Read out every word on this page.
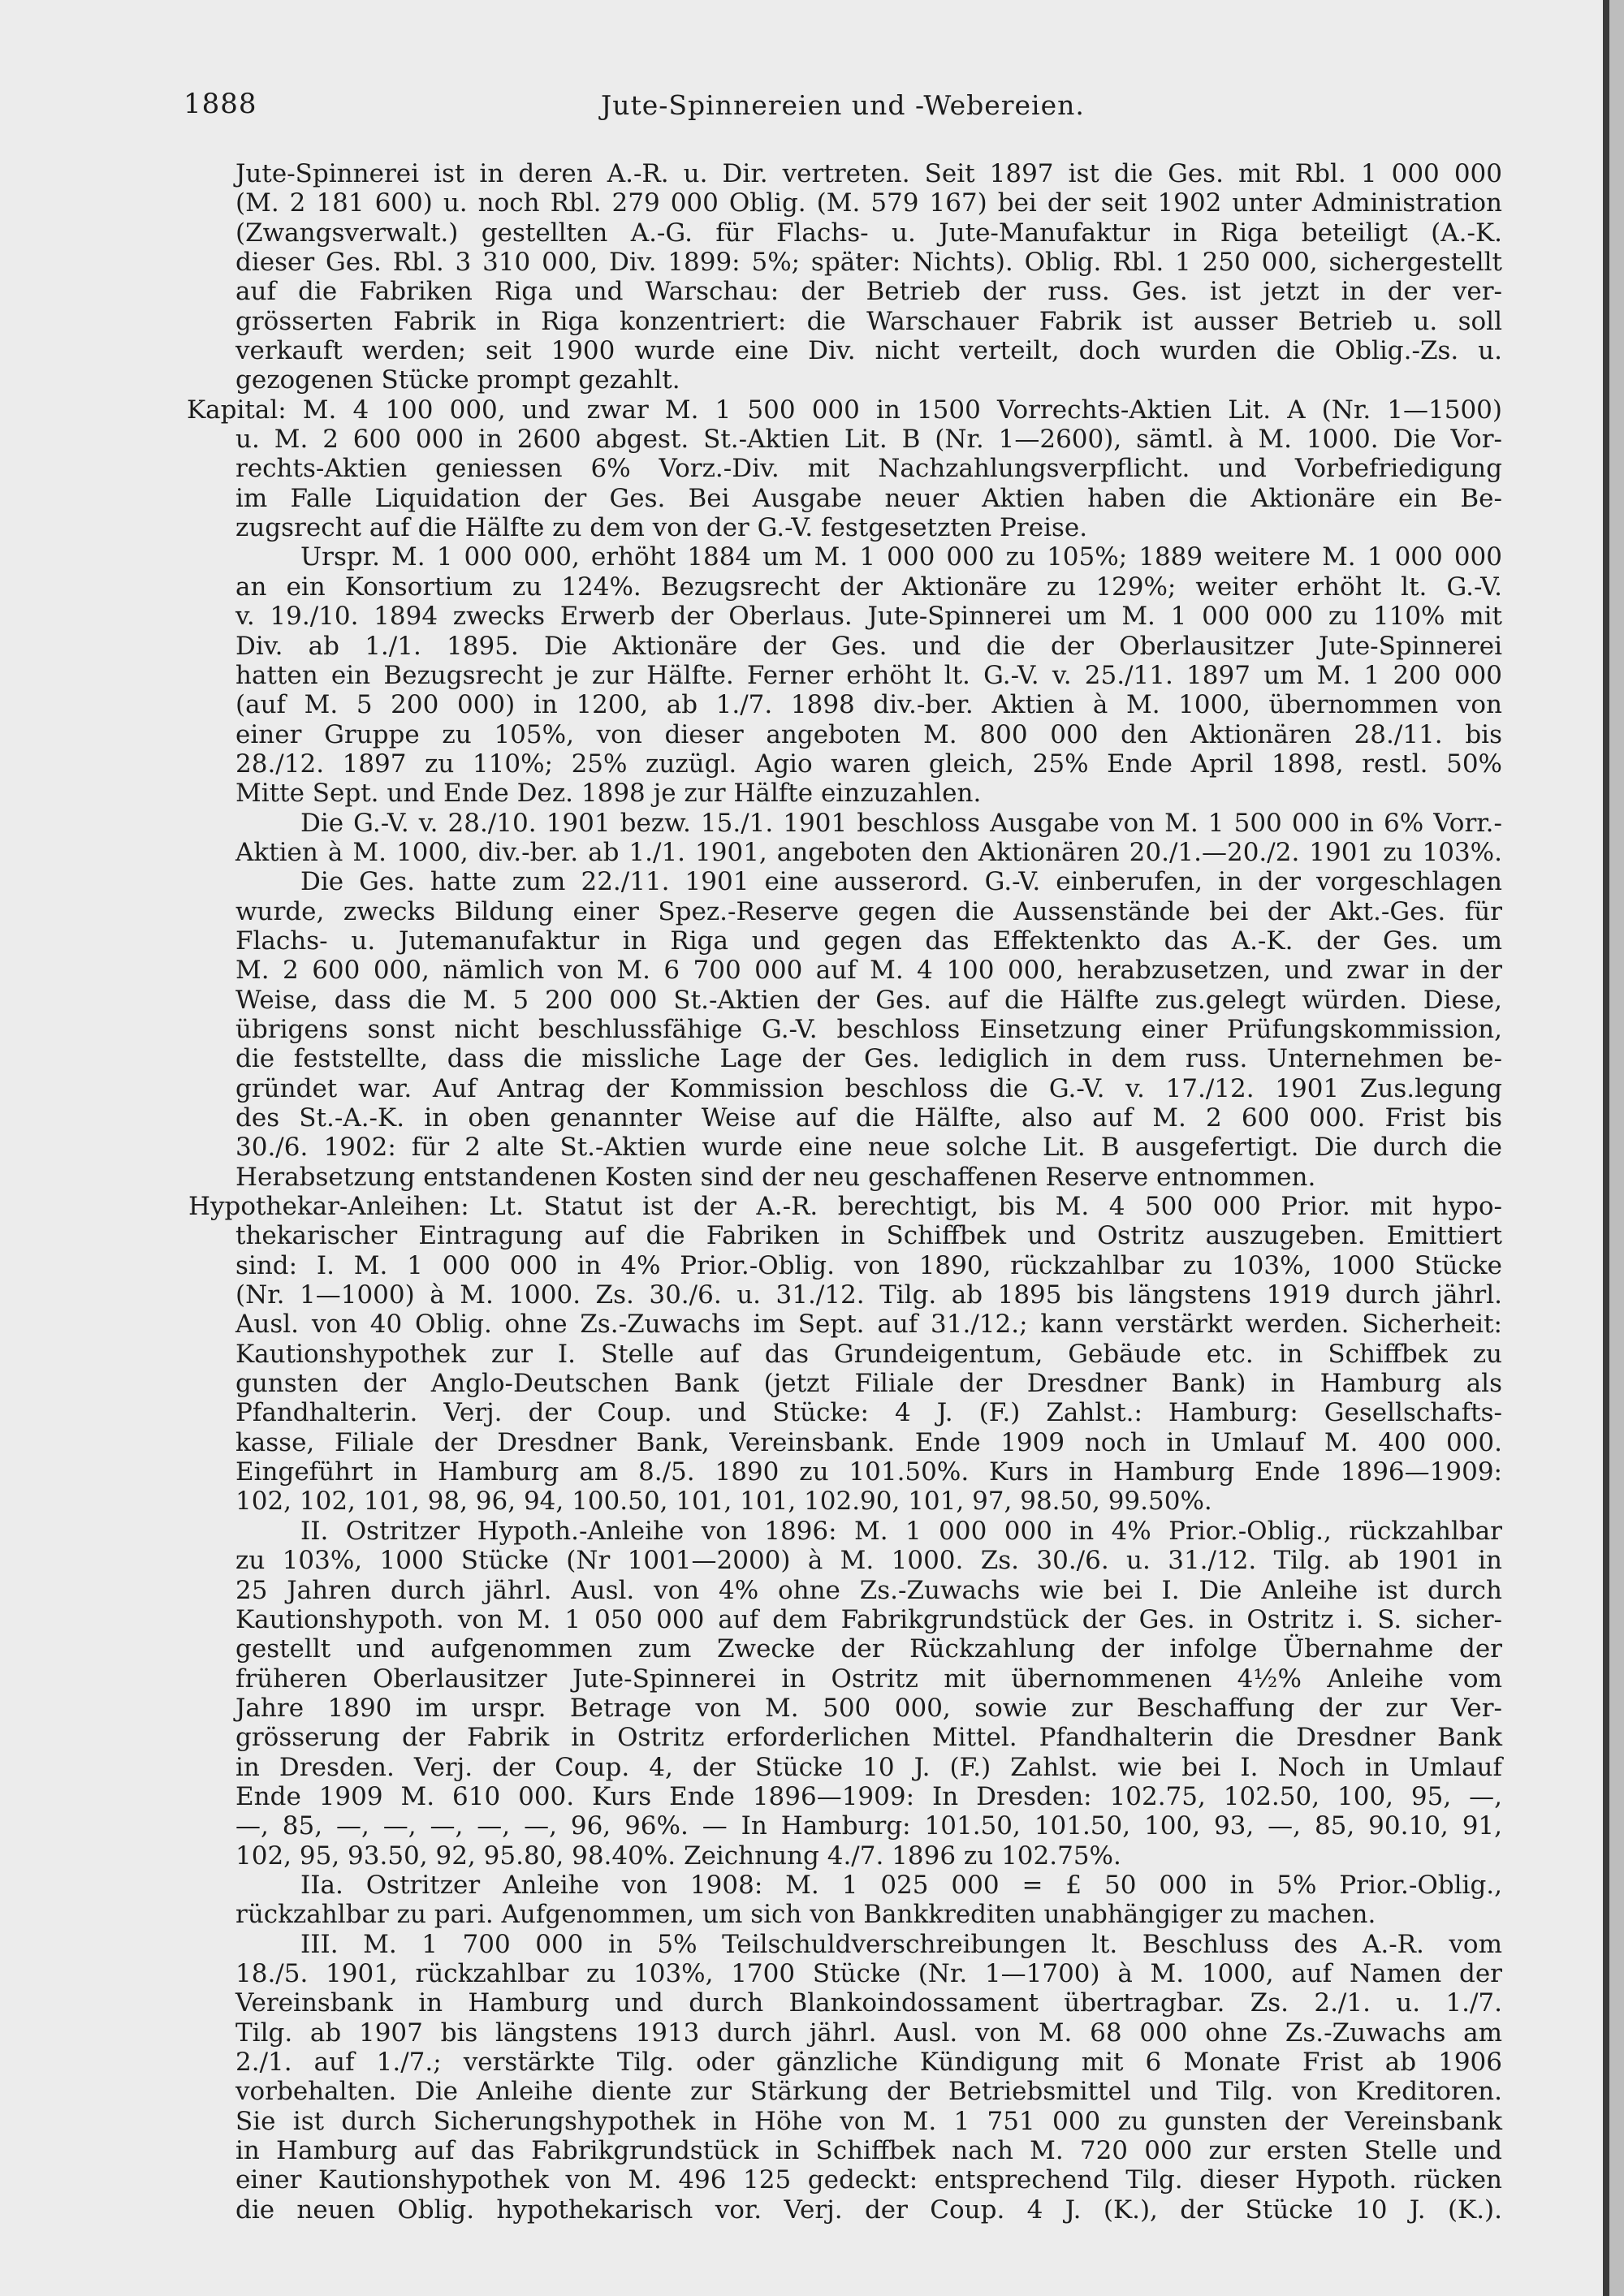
1888	Jute-Spinnereien und -Webereien.
Jute-Spinnerei ist in deren A.-R. u. Dir. vertreten. Seit 1897 ist die Ges. mit Rbl. 1 000 000
(M. 2 181 600) u. noch Rbl. 279 000 Oblig. (M. 579 167) bei der seit 1902 unter Administration
(Zwangsverwalt.) gestellten A.-G. für Flachs- u. Jute-Manufaktur in Riga beteiligt (A.-K.
dieser Ges. Rbl. 3 310 000, Div. 1899: 5%; später: Nichts). Oblig. Rbl. 1 250 000, sichergestellt
auf die Fabriken Riga und Warschau: der Betrieb der russ. Ges. ist jetzt in der ver-
grösserten Fabrik in Riga konzentriert: die Warschauer Fabrik ist ausser Betrieb u. soll
verkauft werden; seit 1900 wurde eine Div. nicht verteilt, doch wurden die Oblig.-Zs. u.
gezogenen Stücke prompt gezahlt.
Kapital: M. 4 100 000, und zwar M. 1 500 000 in 1500 Vorrechts-Aktien Lit. A (Nr. 1—1500)
u. M. 2 600 000 in 2600 abgest. St.-Aktien Lit. B (Nr. 1—2600), sämtl. à M. 1000. Die Vor-
rechts-Aktien geniessen 6% Vorz.-Div. mit Nachzahlungsverpflicht. und Vorbefriedigung
im Falle Liquidation der Ges. Bei Ausgabe neuer Aktien haben die Aktionäre ein Be-
zugsrecht auf die Hälfte zu dem von der G.-V. festgesetzten Preise.
Urspr. M. 1 000 000, erhöht 1884 um M. 1 000 000 zu 105%; 1889 weitere M. 1 000 000
an ein Konsortium zu 124%. Bezugsrecht der Aktionäre zu 129%; weiter erhöht lt. G.-V.
v. 19./10. 1894 zwecks Erwerb der Oberlaus. Jute-Spinnerei um M. 1 000 000 zu 110% mit
Div. ab 1./1. 1895. Die Aktionäre der Ges. und die der Oberlausitzer Jute-Spinnerei
hatten ein Bezugsrecht je zur Hälfte. Ferner erhöht lt. G.-V. v. 25./11. 1897 um M. 1 200 000
(auf M. 5 200 000) in 1200, ab 1./7. 1898 div.-ber. Aktien à M. 1000, übernommen von
einer Gruppe zu 105%, von dieser angeboten M. 800 000 den Aktionären 28./11. bis
28./12. 1897 zu 110%; 25% zuzügl. Agio waren gleich, 25% Ende April 1898, restl. 50%
Mitte Sept. und Ende Dez. 1898 je zur Hälfte einzuzahlen.
Die G.-V. v. 28./10. 1901 bezw. 15./1. 1901 beschloss Ausgabe von M. 1 500 000 in 6% Vorr.-
Aktien à M. 1000, div.-ber. ab 1./1. 1901, angeboten den Aktionären 20./1.—20./2. 1901 zu 103%.
Die Ges. hatte zum 22./11. 1901 eine ausserord. G.-V. einberufen, in der vorgeschlagen
wurde, zwecks Bildung einer Spez.-Reserve gegen die Aussenstände bei der Akt.-Ges. für
Flachs- u. Jutemanufaktur in Riga und gegen das Effektenkto das A.-K. der Ges. um
M. 2 600 000, nämlich von M. 6 700 000 auf M. 4 100 000, herabzusetzen, und zwar in der
Weise, dass die M. 5 200 000 St.-Aktien der Ges. auf die Hälfte zus.gelegt würden. Diese,
übrigens sonst nicht beschlussfähige G.-V. beschloss Einsetzung einer Prüfungskommission,
die feststellte, dass die missliche Lage der Ges. lediglich in dem russ. Unternehmen be-
gründet war. Auf Antrag der Kommission beschloss die G.-V. v. 17./12. 1901 Zus.legung
des St.-A.-K. in oben genannter Weise auf die Hälfte, also auf M. 2 600 000. Frist bis
30./6. 1902: für 2 alte St.-Aktien wurde eine neue solche Lit. B ausgefertigt. Die durch die
Herabsetzung entstandenen Kosten sind der neu geschaffenen Reserve entnommen.
Hypothekar-Anleihen: Lt. Statut ist der A.-R. berechtigt, bis M. 4 500 000 Prior. mit hypo-
thekarischer Eintragung auf die Fabriken in Schiffbek und Ostritz auszugeben. Emittiert
sind: I. M. 1 000 000 in 4% Prior.-Oblig. von 1890, rückzahlbar zu 103%, 1000 Stücke
(Nr. 1—1000) à M. 1000. Zs. 30./6. u. 31./12. Tilg. ab 1895 bis längstens 1919 durch jährl.
Ausl. von 40 Oblig. ohne Zs.-Zuwachs im Sept. auf 31./12.; kann verstärkt werden. Sicherheit:
Kautionshypothek zur I. Stelle auf das Grundeigentum, Gebäude etc. in Schiffbek zu
gunsten der Anglo-Deutschen Bank (jetzt Filiale der Dresdner Bank) in Hamburg als
Pfandhalterin. Verj. der Coup. und Stücke: 4 J. (F.) Zahlst.: Hamburg: Gesellschafts-
kasse, Filiale der Dresdner Bank, Vereinsbank. Ende 1909 noch in Umlauf M. 400 000.
Eingeführt in Hamburg am 8./5. 1890 zu 101.50%. Kurs in Hamburg Ende 1896—1909:
102, 102, 101, 98, 96, 94, 100.50, 101, 101, 102.90, 101, 97, 98.50, 99.50%.
II. Ostritzer Hypoth.-Anleihe von 1896: M. 1 000 000 in 4% Prior.-Oblig., rückzahlbar
zu 103%, 1000 Stücke (Nr 1001—2000) à M. 1000. Zs. 30./6. u. 31./12. Tilg. ab 1901 in
25 Jahren durch jährl. Ausl. von 4% ohne Zs.-Zuwachs wie bei I. Die Anleihe ist durch
Kautionshypoth. von M. 1 050 000 auf dem Fabrikgrundstück der Ges. in Ostritz i. S. sicher-
gestellt und aufgenommen zum Zwecke der Rückzahlung der infolge Übernahme der
früheren Oberlausitzer Jute-Spinnerei in Ostritz mit übernommenen 4½% Anleihe vom
Jahre 1890 im urspr. Betrage von M. 500 000, sowie zur Beschaffung der zur Ver-
grösserung der Fabrik in Ostritz erforderlichen Mittel. Pfandhalterin die Dresdner Bank
in Dresden. Verj. der Coup. 4, der Stücke 10 J. (F.) Zahlst. wie bei I. Noch in Umlauf
Ende 1909 M. 610 000. Kurs Ende 1896—1909: In Dresden: 102.75, 102.50, 100, 95, —,
—, 85, —, —, —, —, —, 96, 96%. — In Hamburg: 101.50, 101.50, 100, 93, —, 85, 90.10, 91,
102, 95, 93.50, 92, 95.80, 98.40%. Zeichnung 4./7. 1896 zu 102.75%.
IIa. Ostritzer Anleihe von 1908: M. 1 025 000 = £ 50 000 in 5% Prior.-Oblig.,
rückzahlbar zu pari. Aufgenommen, um sich von Bankkrediten unabhängiger zu machen.
III. M. 1 700 000 in 5% Teilschuldverschreibungen lt. Beschluss des A.-R. vom
18./5. 1901, rückzahlbar zu 103%, 1700 Stücke (Nr. 1—1700) à M. 1000, auf Namen der
Vereinsbank in Hamburg und durch Blankoindossament übertragbar. Zs. 2./1. u. 1./7.
Tilg. ab 1907 bis längstens 1913 durch jährl. Ausl. von M. 68 000 ohne Zs.-Zuwachs am
2./1. auf 1./7.; verstärkte Tilg. oder gänzliche Kündigung mit 6 Monate Frist ab 1906
vorbehalten. Die Anleihe diente zur Stärkung der Betriebsmittel und Tilg. von Kreditoren.
Sie ist durch Sicherungshypothek in Höhe von M. 1 751 000 zu gunsten der Vereinsbank
in Hamburg auf das Fabrikgrundstück in Schiffbek nach M. 720 000 zur ersten Stelle und
einer Kautionshypothek von M. 496 125 gedeckt: entsprechend Tilg. dieser Hypoth. rücken
die neuen Oblig. hypothekarisch vor. Verj. der Coup. 4 J. (K.), der Stücke 10 J. (K.).
